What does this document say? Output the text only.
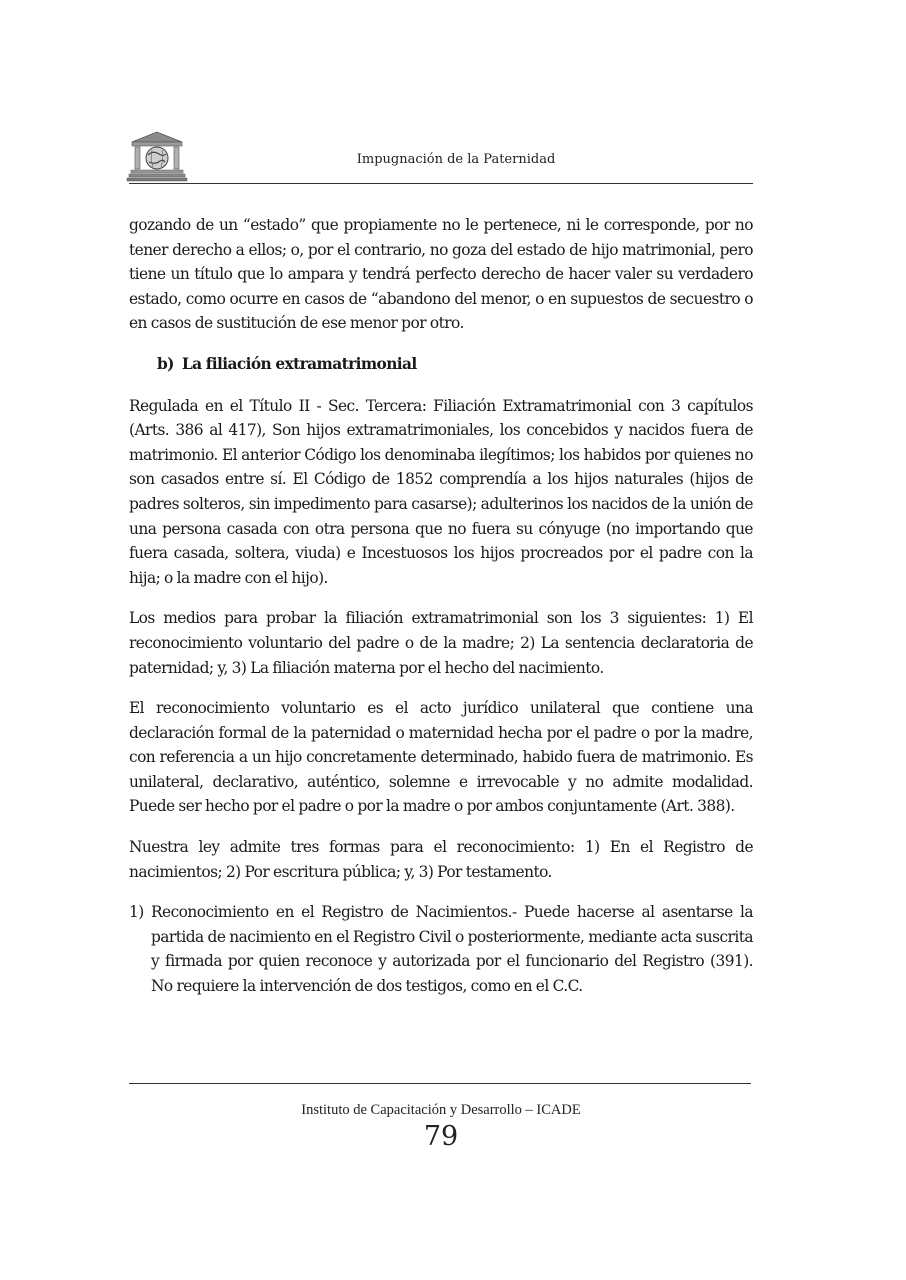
Impugnación de la Paternidad

gozando de un “estado” que propiamente no le pertenece, ni le corresponde, por no tener derecho a ellos; o, por el contrario, no goza del estado de hijo matrimonial, pero tiene un título que lo ampara y tendrá perfecto derecho de hacer valer su verdadero estado, como ocurre en casos de “abandono del menor, o en supuestos de secuestro o en casos de sustitución de ese menor por otro.

b) La filiación extramatrimonial

Regulada en el Título II - Sec. Tercera: Filiación Extramatrimonial con 3 capítulos (Arts. 386 al 417), Son hijos extramatrimoniales, los concebidos y nacidos fuera de matrimonio. El anterior Código los denominaba ilegítimos; los habidos por quienes no son casados entre sí. El Código de 1852 comprendía a los hijos naturales (hijos de padres solteros, sin impedimento para casarse); adulterinos los nacidos de la unión de una persona casada con otra persona que no fuera su cónyuge (no importando que fuera casada, soltera, viuda) e Incestuosos los hijos procreados por el padre con la hija; o la madre con el hijo).

Los medios para probar la filiación extramatrimonial son los 3 siguientes: 1) El reconocimiento voluntario del padre o de la madre; 2) La sentencia declaratoria de paternidad; y, 3) La filiación materna por el hecho del nacimiento.

El reconocimiento voluntario es el acto jurídico unilateral que contiene una declaración formal de la paternidad o maternidad hecha por el padre o por la madre, con referencia a un hijo concretamente determinado, habido fuera de matrimonio. Es unilateral, declarativo, auténtico, solemne e irrevocable y no admite modalidad. Puede ser hecho por el padre o por la madre o por ambos conjuntamente (Art. 388).

Nuestra ley admite tres formas para el reconocimiento: 1) En el Registro de nacimientos; 2) Por escritura pública; y, 3) Por testamento.

1) Reconocimiento en el Registro de Nacimientos.- Puede hacerse al asentarse la partida de nacimiento en el Registro Civil o posteriormente, mediante acta suscrita y firmada por quien reconoce y autorizada por el funcionario del Registro (391). No requiere la intervención de dos testigos, como en el C.C.
Instituto de Capacitación y Desarrollo – ICADE
79
